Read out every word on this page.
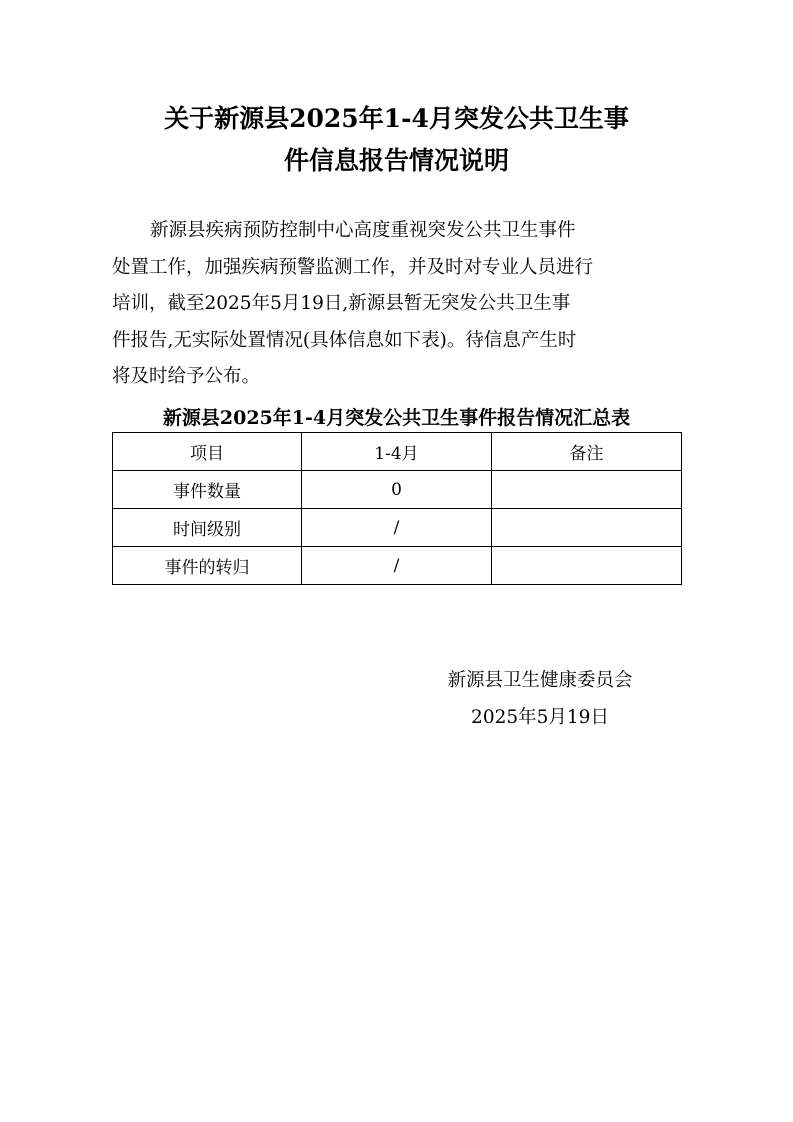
关于新源县2025年1-4月突发公共卫生事
件信息报告情况说明

新源县疾病预防控制中心高度重视突发公共卫生事件
处置工作，加强疾病预警监测工作，并及时对专业人员进行
培训，截至2025年5月19日,新源县暂无突发公共卫生事
件报告,无实际处置情况(具体信息如下表)。待信息产生时
将及时给予公布。

新源县2025年1-4月突发公共卫生事件报告情况汇总表
项目	1-4月	备注
事件数量	0	
时间级别	/	
事件的转归	/	
新源县卫生健康委员会
2025年5月19日
